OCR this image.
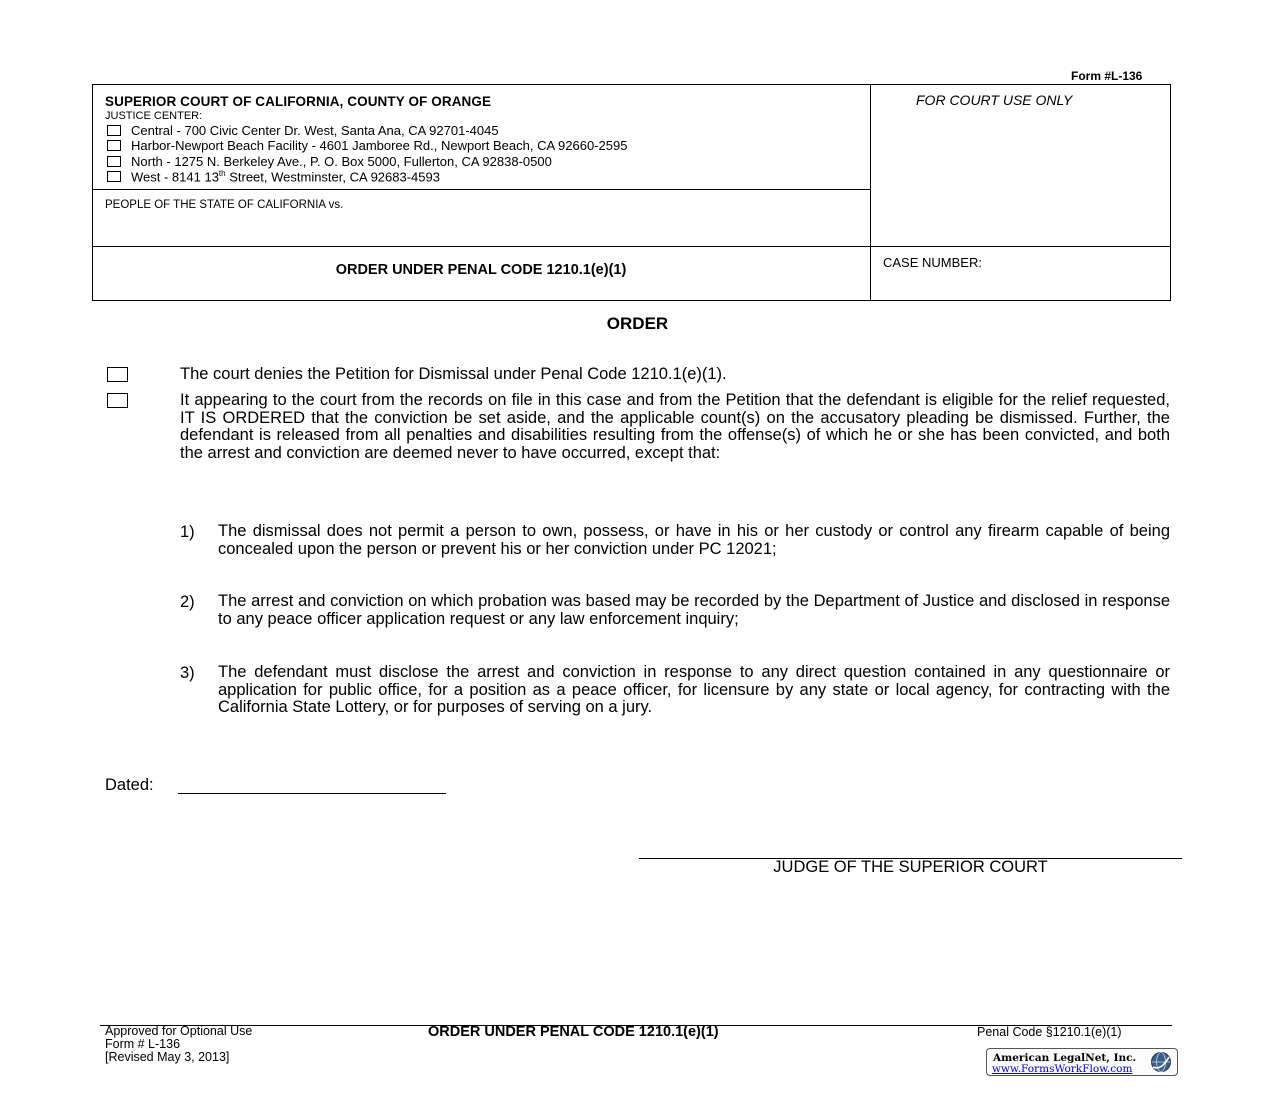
Form #L-136
SUPERIOR COURT OF CALIFORNIA, COUNTY OF ORANGE
JUSTICE CENTER:
Central - 700 Civic Center Dr. West, Santa Ana, CA 92701-4045
Harbor-Newport Beach Facility - 4601 Jamboree Rd., Newport Beach, CA 92660-2595
North - 1275 N. Berkeley Ave., P. O. Box 5000, Fullerton, CA 92838-0500
West - 8141 13th Street, Westminster, CA 92683-4593
PEOPLE OF THE STATE OF CALIFORNIA vs.
FOR COURT USE ONLY
CASE NUMBER:
ORDER UNDER PENAL CODE 1210.1(e)(1)
ORDER
The court denies the Petition for Dismissal under Penal Code 1210.1(e)(1).
It appearing to the court from the records on file in this case and from the Petition that the defendant is eligible for the relief requested, IT IS ORDERED that the conviction be set aside, and the applicable count(s) on the accusatory pleading be dismissed. Further, the defendant is released from all penalties and disabilities resulting from the offense(s) of which he or she has been convicted, and both the arrest and conviction are deemed never to have occurred, except that:
1) The dismissal does not permit a person to own, possess, or have in his or her custody or control any firearm capable of being concealed upon the person or prevent his or her conviction under PC 12021;
2) The arrest and conviction on which probation was based may be recorded by the Department of Justice and disclosed in response to any peace officer application request or any law enforcement inquiry;
3) The defendant must disclose the arrest and conviction in response to any direct question contained in any questionnaire or application for public office, for a position as a peace officer, for licensure by any state or local agency, for contracting with the California State Lottery, or for purposes of serving on a jury.
Dated:
JUDGE OF THE SUPERIOR COURT
Approved for Optional Use
Form # L-136
[Revised May 3, 2013]
ORDER UNDER PENAL CODE 1210.1(e)(1)	Penal Code §1210.1(e)(1)
American LegalNet, Inc.
www.FormsWorkFlow.com
